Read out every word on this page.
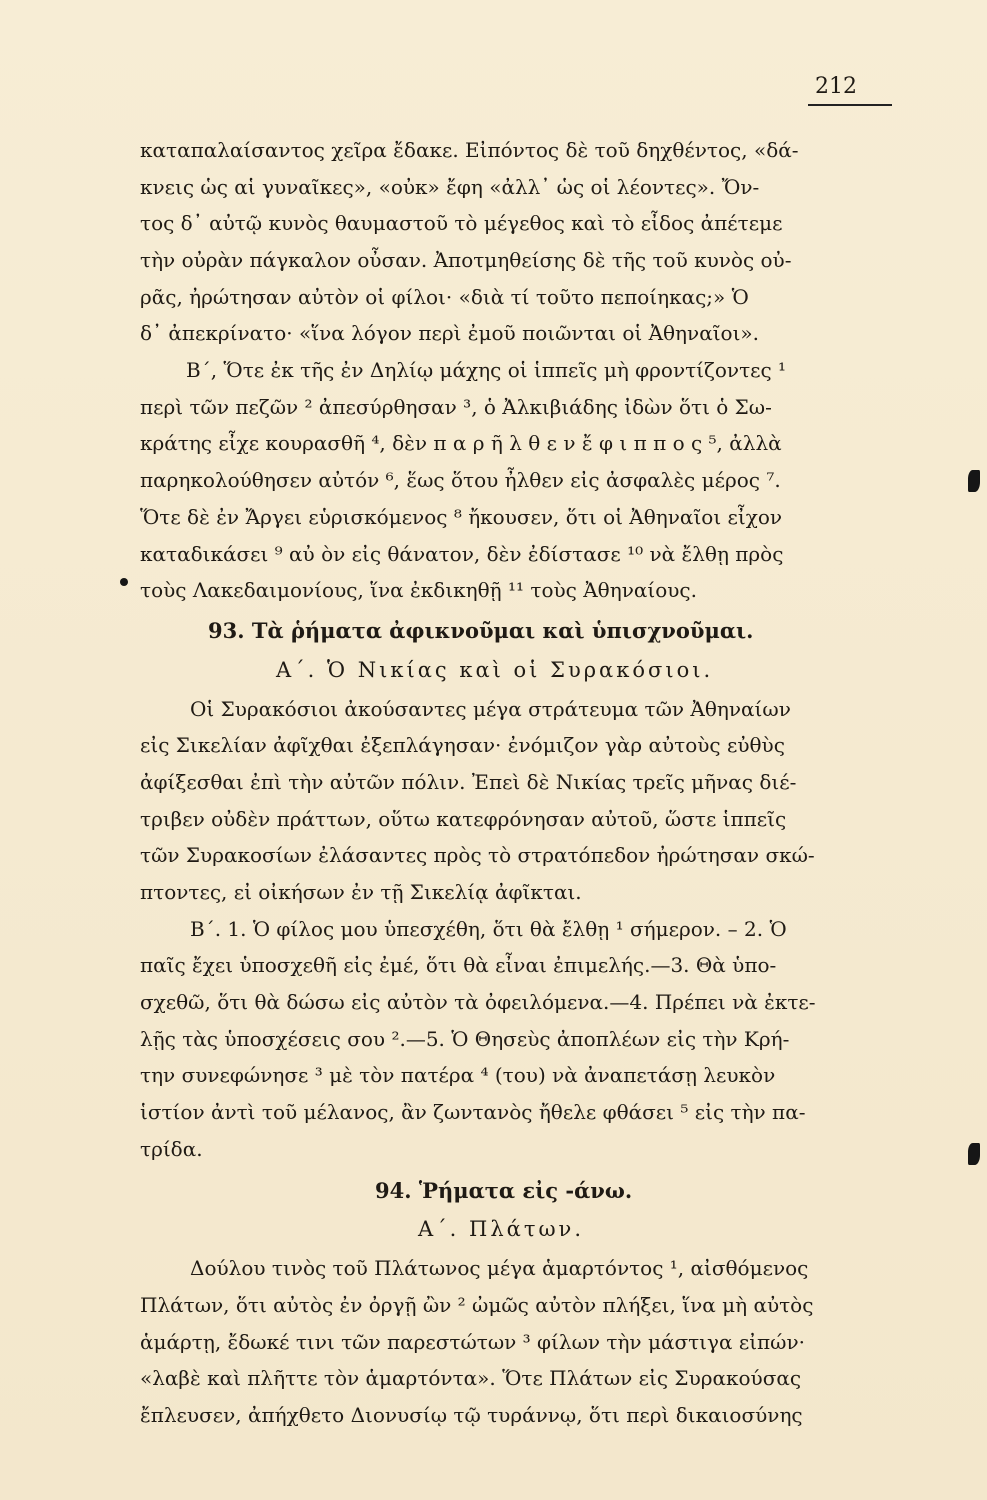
212
καταπαλαίσαντος χεῖρα ἔδακε. Εἰπόντος δὲ τοῦ δηχθέντος, «δά-
κνεις ὡς αἱ γυναῖκες», «οὐκ» ἔφη «ἀλλ᾽ ὡς οἱ λέοντες». Ὄν-
τος δ᾽ αὐτῷ κυνὸς θαυμαστοῦ τὸ μέγεθος καὶ τὸ εἶδος ἀπέτεμε
τὴν οὐρὰν πάγκαλον οὖσαν. Ἀποτμηθείσης δὲ τῆς τοῦ κυνὸς οὐ-
ρᾶς, ἠρώτησαν αὐτὸν οἱ φίλοι· «διὰ τί τοῦτο πεποίηκας;» Ὁ
δ᾽ ἀπεκρίνατο· «ἵνα λόγον περὶ ἐμοῦ ποιῶνται οἱ Ἀθηναῖοι».
Β΄, Ὅτε ἐκ τῆς ἐν Δηλίῳ μάχης οἱ ἱππεῖς μὴ φροντίζοντες ¹
περὶ τῶν πεζῶν ² ἀπεσύρθησαν ³, ὁ Ἀλκιβιάδης ἰδὼν ὅτι ὁ Σω-
κράτης εἶχε κουρασθῆ ⁴, δὲν π α ρ ῆ λ θ ε ν ἔ φ ι π π ο ς ⁵, ἀλλὰ
παρηκολούθησεν αὐτόν ⁶, ἕως ὅτου ἦλθεν εἰς ἀσφαλὲς μέρος ⁷.
Ὅτε δὲ ἐν Ἄργει εὑρισκόμενος ⁸ ἤκουσεν, ὅτι οἱ Ἀθηναῖοι εἶχον
καταδικάσει ⁹ αὐ ὸν εἰς θάνατον, δὲν ἐδίστασε ¹⁰ νὰ ἔλθῃ πρὸς
τοὺς Λακεδαιμονίους, ἵνα ἐκδικηθῇ ¹¹ τοὺς Ἀθηναίους.
93. Τὰ ῥήματα ἀφικνοῦμαι καὶ ὑπισχνοῦμαι.
Α΄. Ὁ Νικίας καὶ οἱ Συρακόσιοι.
Οἱ Συρακόσιοι ἀκούσαντες μέγα στράτευμα τῶν Ἀθηναίων
εἰς Σικελίαν ἀφῖχθαι ἐξεπλάγησαν· ἐνόμιζον γὰρ αὐτοὺς εὐθὺς
ἀφίξεσθαι ἐπὶ τὴν αὐτῶν πόλιν. Ἐπεὶ δὲ Νικίας τρεῖς μῆνας διέ-
τριβεν οὐδὲν πράττων, οὕτω κατεφρόνησαν αὐτοῦ, ὥστε ἱππεῖς
τῶν Συρακοσίων ἐλάσαντες πρὸς τὸ στρατόπεδον ἠρώτησαν σκώ-
πτοντες, εἰ οἰκήσων ἐν τῇ Σικελίᾳ ἀφῖκται.
Β΄. 1. Ὁ φίλος μου ὑπεσχέθη, ὅτι θὰ ἔλθῃ ¹ σήμερον. – 2. Ὁ
παῖς ἔχει ὑποσχεθῆ εἰς ἐμέ, ὅτι θὰ εἶναι ἐπιμελής.—3. Θὰ ὑπο-
σχεθῶ, ὅτι θὰ δώσω εἰς αὐτὸν τὰ ὀφειλόμενα.—4. Πρέπει νὰ ἐκτε-
λῇς τὰς ὑποσχέσεις σου ².—5. Ὁ Θησεὺς ἀποπλέων εἰς τὴν Κρή-
την συνεφώνησε ³ μὲ τὸν πατέρα ⁴ (του) νὰ ἀναπετάσῃ λευκὸν
ἱστίον ἀντὶ τοῦ μέλανος, ἂν ζωντανὸς ἤθελε φθάσει ⁵ εἰς τὴν πα-
τρίδα.
94. Ῥήματα εἰς -άνω.
Α΄. Πλάτων.
Δούλου τινὸς τοῦ Πλάτωνος μέγα ἁμαρτόντος ¹, αἰσθόμενος
Πλάτων, ὅτι αὐτὸς ἐν ὀργῇ ὢν ² ὠμῶς αὐτὸν πλήξει, ἵνα μὴ αὐτὸς
ἁμάρτῃ, ἔδωκέ τινι τῶν παρεστώτων ³ φίλων τὴν μάστιγα εἰπών·
«λαβὲ καὶ πλῆττε τὸν ἁμαρτόντα». Ὅτε Πλάτων εἰς Συρακούσας
ἔπλευσεν, ἀπήχθετο Διονυσίῳ τῷ τυράννῳ, ὅτι περὶ δικαιοσύνης
